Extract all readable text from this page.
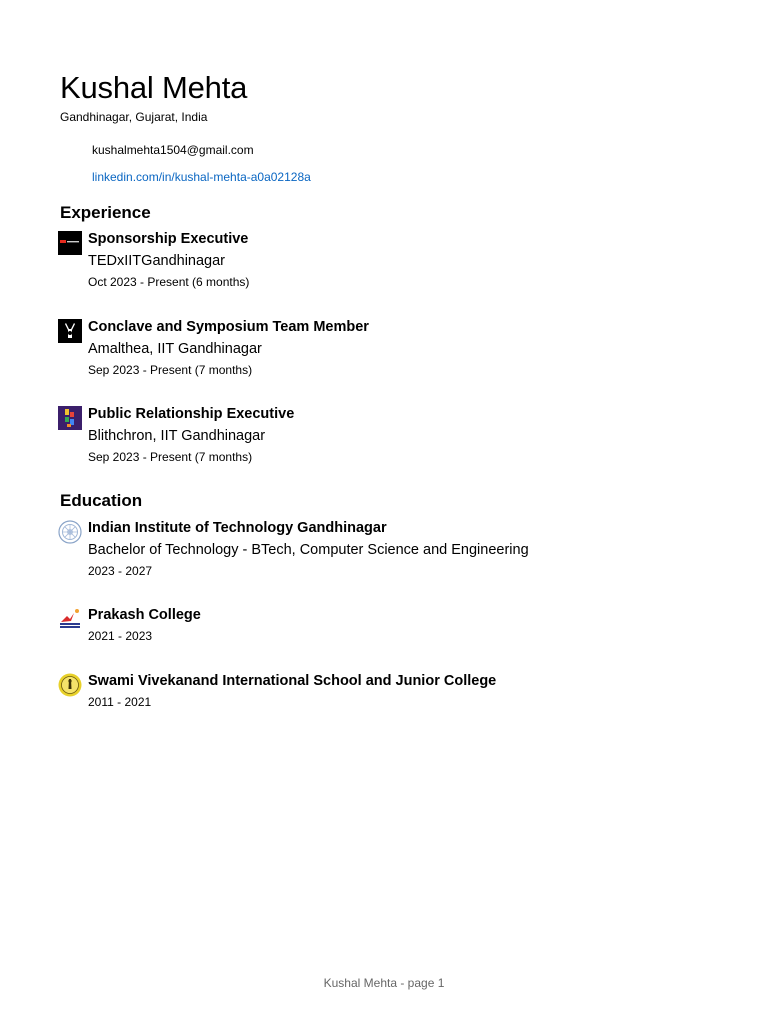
Kushal Mehta
Gandhinagar, Gujarat, India
kushalmehta1504@gmail.com
linkedin.com/in/kushal-mehta-a0a02128a
Experience
Sponsorship Executive
TEDxIITGandhinagar
Oct 2023 - Present (6 months)
Conclave and Symposium Team Member
Amalthea, IIT Gandhinagar
Sep 2023 - Present (7 months)
Public Relationship Executive
Blithchron, IIT Gandhinagar
Sep 2023 - Present (7 months)
Education
Indian Institute of Technology Gandhinagar
Bachelor of Technology - BTech, Computer Science and Engineering
2023 - 2027
Prakash College
2021 - 2023
Swami Vivekanand International School and Junior College
2011 - 2021
Kushal Mehta - page 1
